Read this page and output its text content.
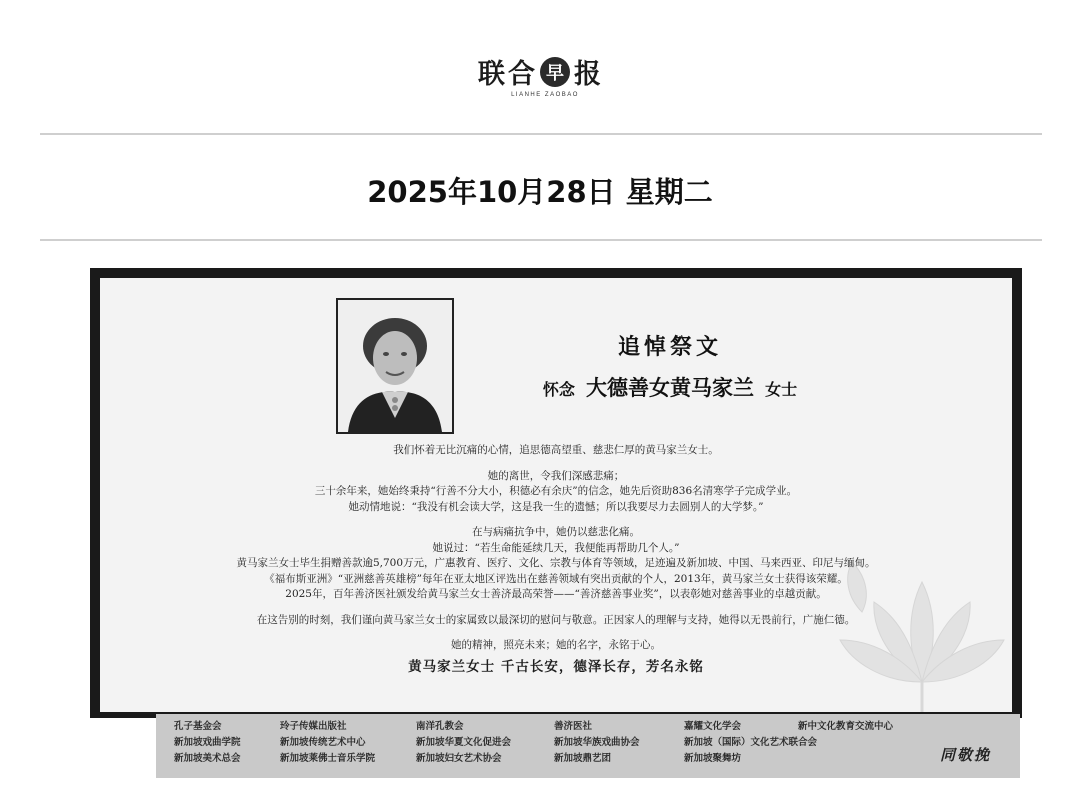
联 合 早 报
LIANHE ZAOBAO
2025年10月28日 星期二
追悼祭文
怀念 大德善女黄马家兰 女士
我们怀着无比沉痛的心情，追思德高望重、慈悲仁厚的黄马家兰女士。
她的离世，令我们深感悲痛；
三十余年来，她始终秉持“行善不分大小，积德必有余庆”的信念，她先后资助836名清寒学子完成学业。
她动情地说：“我没有机会读大学，这是我一生的遗憾；所以我要尽力去圆别人的大学梦。”
在与病痛抗争中，她仍以慈悲化痛。
她说过：“若生命能延续几天，我便能再帮助几个人。”
黄马家兰女士毕生捐赠善款逾5,700万元，广惠教育、医疗、文化、宗教与体育等领域，足迹遍及新加坡、中国、马来西亚、印尼与缅甸。
《福布斯亚洲》“亚洲慈善英雄榜”每年在亚太地区评选出在慈善领域有突出贡献的个人，2013年，黄马家兰女士获得该荣耀。
2025年，百年善济医社颁发给黄马家兰女士善济最高荣誉——“善济慈善事业奖”，以表彰她对慈善事业的卓越贡献。
在这告别的时刻，我们谨向黄马家兰女士的家属致以最深切的慰问与敬意。正因家人的理解与支持，她得以无畏前行，广施仁德。
她的精神，照亮未来；她的名字，永铭于心。
黄马家兰女士 千古长安，德泽长存，芳名永铭
孔子基金会
新加坡戏曲学院
新加坡美术总会
玲子传媒出版社
新加坡传统艺术中心
新加坡莱佛士音乐学院
南洋孔教会
新加坡华夏文化促进会
新加坡妇女艺术协会
善济医社
新加坡华族戏曲协会
新加坡鼎艺团
嘉耀文化学会
新加坡（国际）文化艺术联合会
新加坡聚舞坊
新中文化教育交流中心
同敬挽
